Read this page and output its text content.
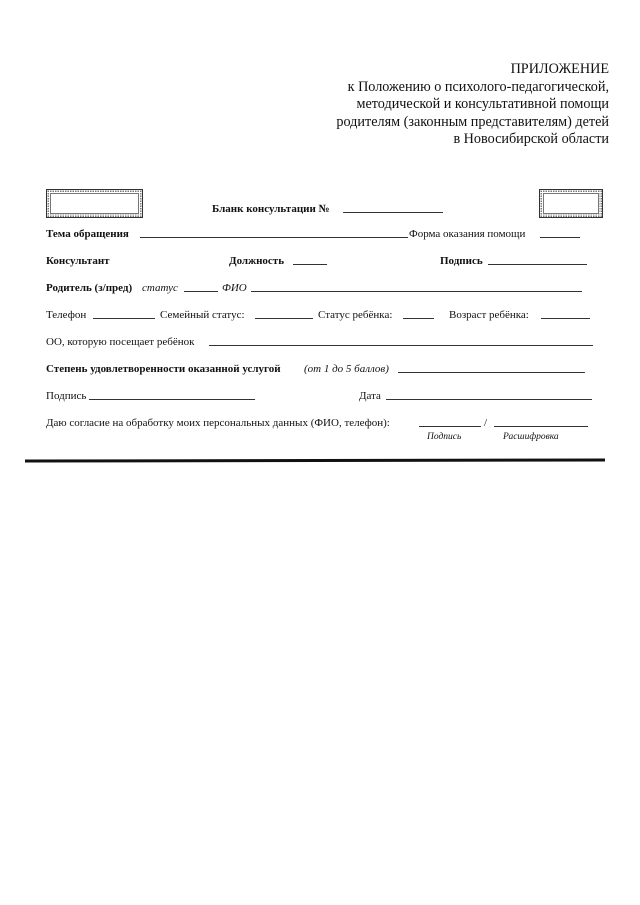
ПРИЛОЖЕНИЕ
к Положению о психолого-педагогической,
методической и консультативной помощи
родителям (законным представителям) детей
в Новосибирской области
Бланк консультации №
Тема обращения	Форма оказания помощи
Консультант	Должность	Подпись
Родитель (з/пред) статус	ФИО
Телефон	Семейный статус:	Статус ребёнка:	Возраст ребёнка:
ОО, которую посещает ребёнок
Степень удовлетворенности оказанной услугой (от 1 до 5 баллов)
Подпись	Дата
Даю согласие на обработку моих персональных данных (ФИО, телефон):	/
Подпись	Расшифровка
